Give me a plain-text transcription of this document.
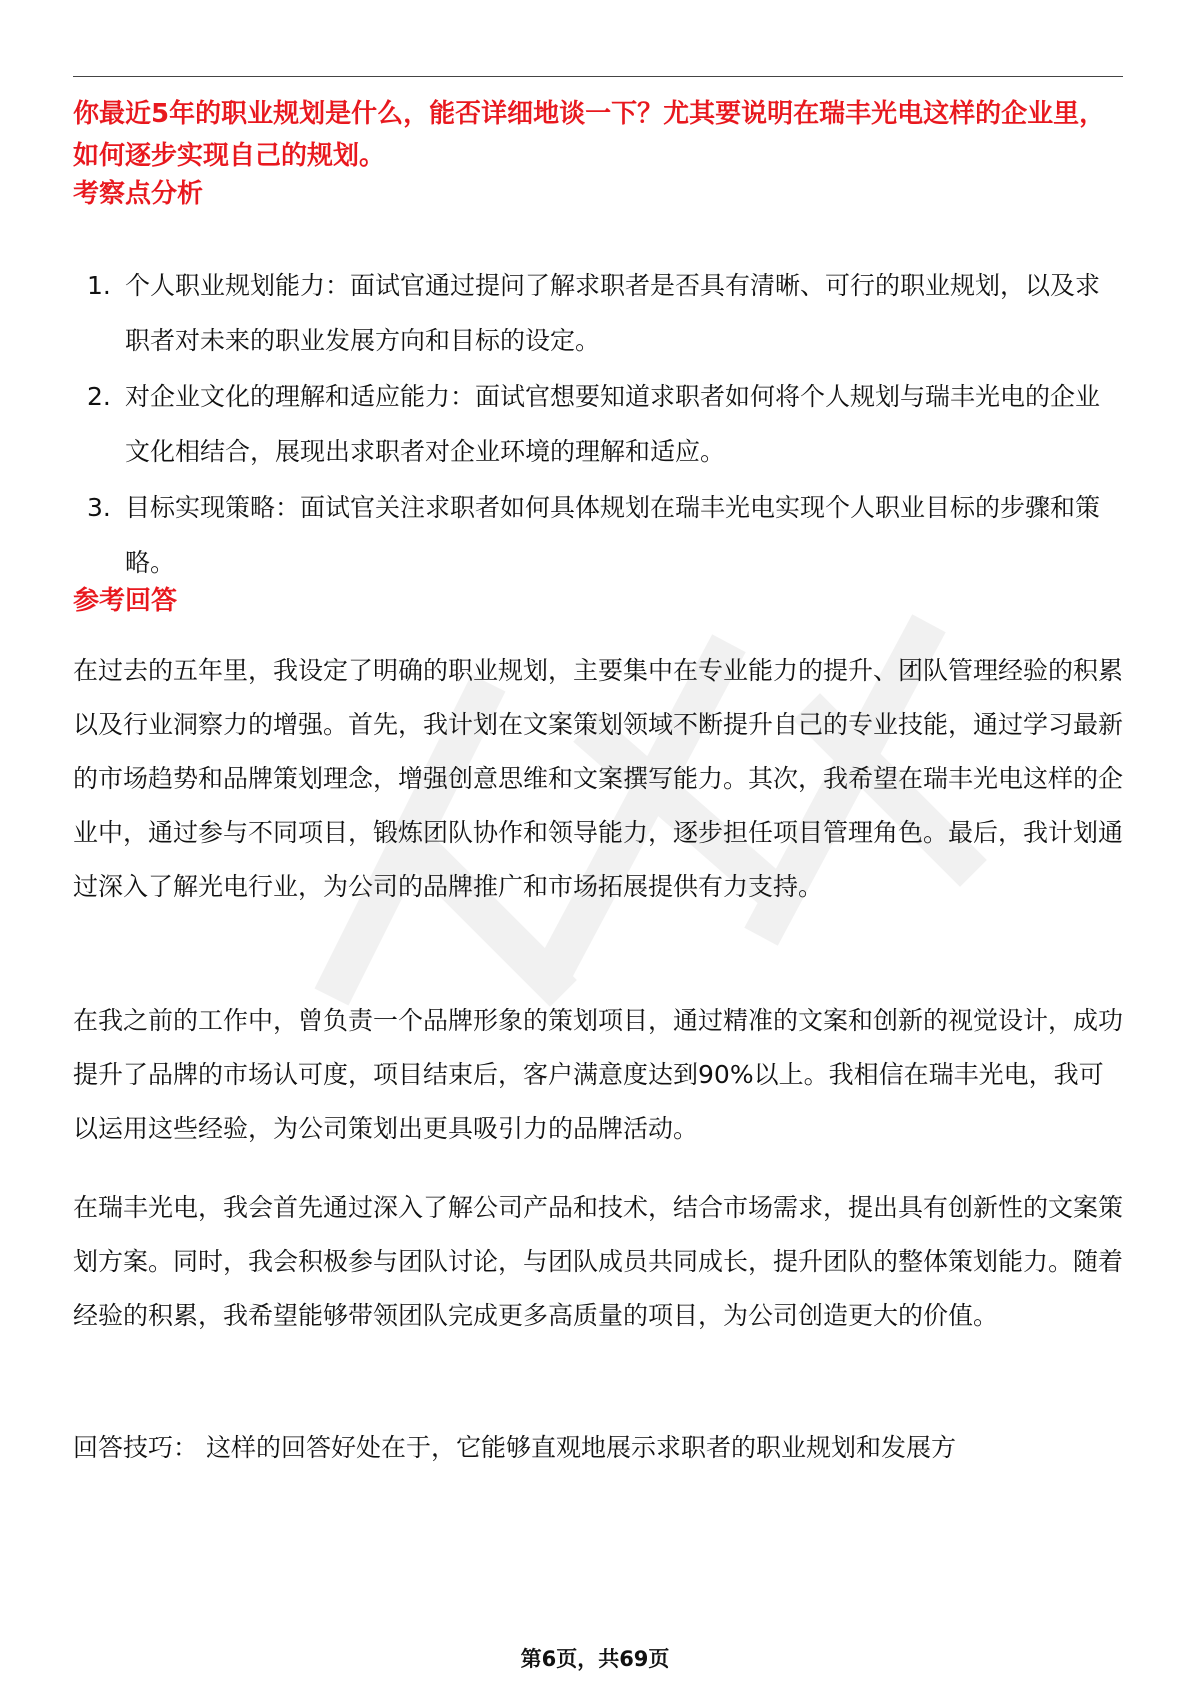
你最近5年的职业规划是什么，能否详细地谈一下？尤其要说明在瑞丰光电这样的企业里，如何逐步实现自己的规划。

考察点分析
1. 个人职业规划能力：面试官通过提问了解求职者是否具有清晰、可行的职业规划，以及求职者对未来的职业发展方向和目标的设定。
2. 对企业文化的理解和适应能力：面试官想要知道求职者如何将个人规划与瑞丰光电的企业文化相结合，展现出求职者对企业环境的理解和适应。
3. 目标实现策略：面试官关注求职者如何具体规划在瑞丰光电实现个人职业目标的步骤和策略。
参考回答

在过去的五年里，我设定了明确的职业规划，主要集中在专业能力的提升、团队管理经验的积累以及行业洞察力的增强。首先，我计划在文案策划领域不断提升自己的专业技能，通过学习最新的市场趋势和品牌策划理念，增强创意思维和文案撰写能力。其次，我希望在瑞丰光电这样的企业中，通过参与不同项目，锻炼团队协作和领导能力，逐步担任项目管理角色。最后，我计划通过深入了解光电行业，为公司的品牌推广和市场拓展提供有力支持。

在我之前的工作中，曾负责一个品牌形象的策划项目，通过精准的文案和创新的视觉设计，成功提升了品牌的市场认可度，项目结束后，客户满意度达到90%以上。我相信在瑞丰光电，我可以运用这些经验，为公司策划出更具吸引力的品牌活动。

在瑞丰光电，我会首先通过深入了解公司产品和技术，结合市场需求，提出具有创新性的文案策划方案。同时，我会积极参与团队讨论，与团队成员共同成长，提升团队的整体策划能力。随着经验的积累，我希望能够带领团队完成更多高质量的项目，为公司创造更大的价值。

回答技巧： 这样的回答好处在于，它能够直观地展示求职者的职业规划和发展方

第6页，共69页
